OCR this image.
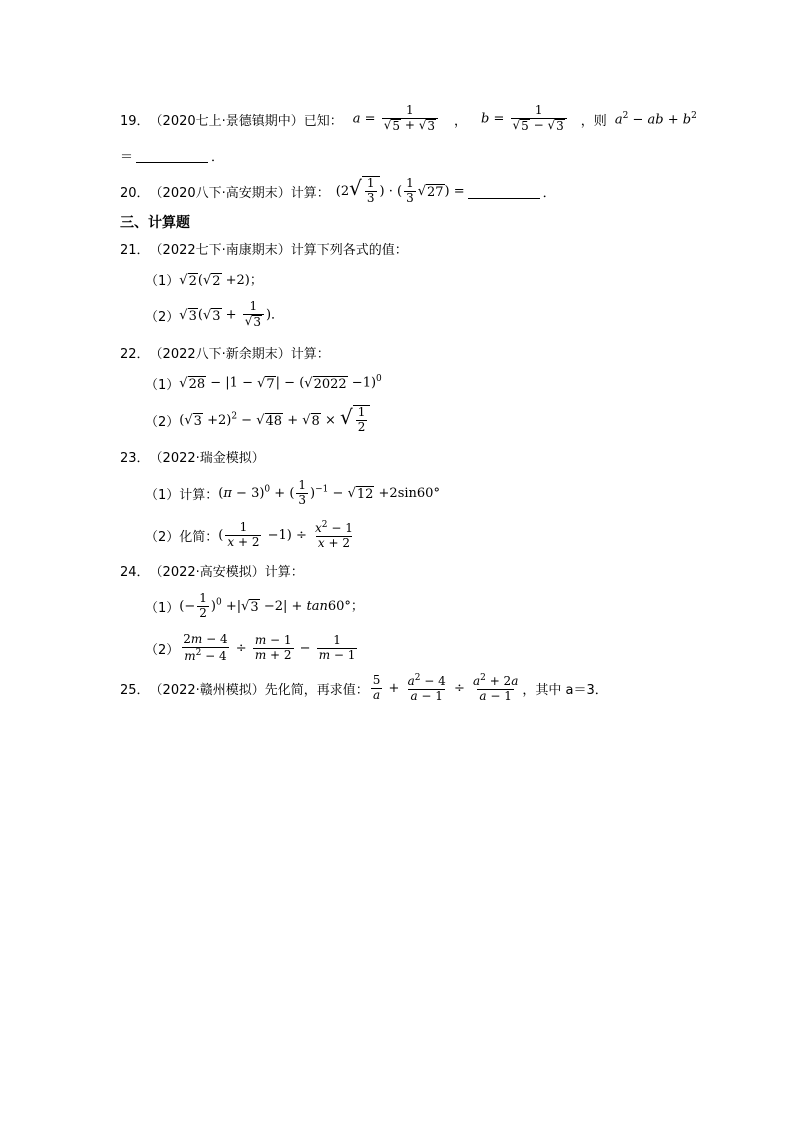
19． （2020七上·景德镇期中） 已知： $a = \frac{1}{√ 5 + √ 3}$ ， $b = \frac{1}{√ 5 - √ 3}$ ，则 $a^2$ − ab + $b^2$
＝	．
20． （2020八下·高安期末） 计算： (2 √ $\frac{1}{3}$ ) · ( $\frac{1}{3}$ √ 27 ) =	．
三、计算题
21． （2022七下·南康期末） 计算下列各式的值：
（1） √ 2 ( √ 2 +2)；
（2） √ 3 ( √ $3 + \frac{1}{√ 3}$ )．
22． （2022八下·新余期末） 计算：
（1） √ 28 − |1 − √ 7 | − ( √ 2022 −1)$^0$
（2） ( √ 3 +2)$^2$ − √ 48 + √ 8 × √ $\frac{1}{2}$
23． （2022·瑞金模拟）
（1） 计算： $(\pi - 3)^0$ + ( $\frac{1}{3} )^{-1}$ − √ 12 +2sin60°
（2） 化简： ( $\frac{1}{x + 2} -1) \div \frac{x^2 - 1}{x + 2}$
24． （2022·高安模拟） 计算：
（1） (− $\frac{1}{2} )^0$ +| √ 3 −2| + tan60°；
$(2) \frac{2m - 4}{m^2 - 4} \div \frac{m - 1}{m + 2} - \frac{1}{m - 1}$
25． （2022·赣州模拟） 先化简，再求值： $\frac{5}{a} + \frac{a^2 - 4}{a - 1} \div \frac{a^2 + 2a}{a - 1}$ ，其中 a＝3．
